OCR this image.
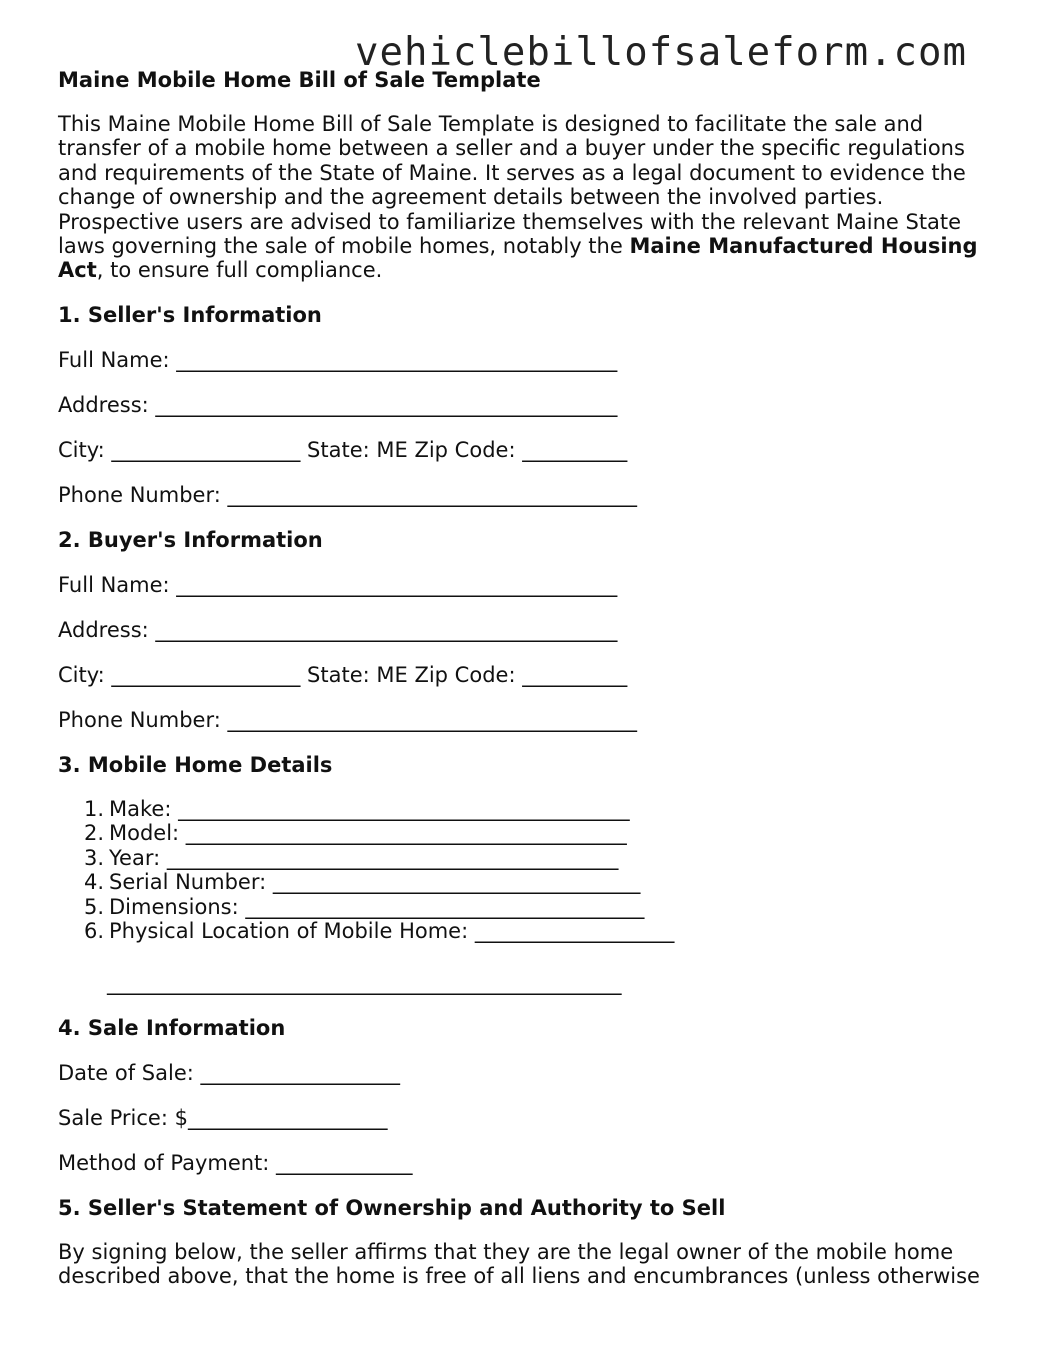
vehiclebillofsaleform.com

Maine Mobile Home Bill of Sale Template

This Maine Mobile Home Bill of Sale Template is designed to facilitate the sale and transfer of a mobile home between a seller and a buyer under the specific regulations and requirements of the State of Maine. It serves as a legal document to evidence the change of ownership and the agreement details between the involved parties. Prospective users are advised to familiarize themselves with the relevant Maine State laws governing the sale of mobile homes, notably the Maine Manufactured Housing Act, to ensure full compliance.

1. Seller's Information

Full Name: __________________________________________

Address: ____________________________________________

City: __________________ State: ME Zip Code: __________

Phone Number: _______________________________________

2. Buyer's Information

Full Name: __________________________________________

Address: ____________________________________________

City: __________________ State: ME Zip Code: __________

Phone Number: _______________________________________

3. Mobile Home Details

1. Make: ___________________________________________
2. Model: __________________________________________
3. Year: ___________________________________________
4. Serial Number: ___________________________________
5. Dimensions: ______________________________________
6. Physical Location of Mobile Home: ___________________

_________________________________________________

4. Sale Information

Date of Sale: ___________________

Sale Price: $___________________

Method of Payment: _____________

5. Seller's Statement of Ownership and Authority to Sell

By signing below, the seller affirms that they are the legal owner of the mobile home described above, that the home is free of all liens and encumbrances (unless otherwise
